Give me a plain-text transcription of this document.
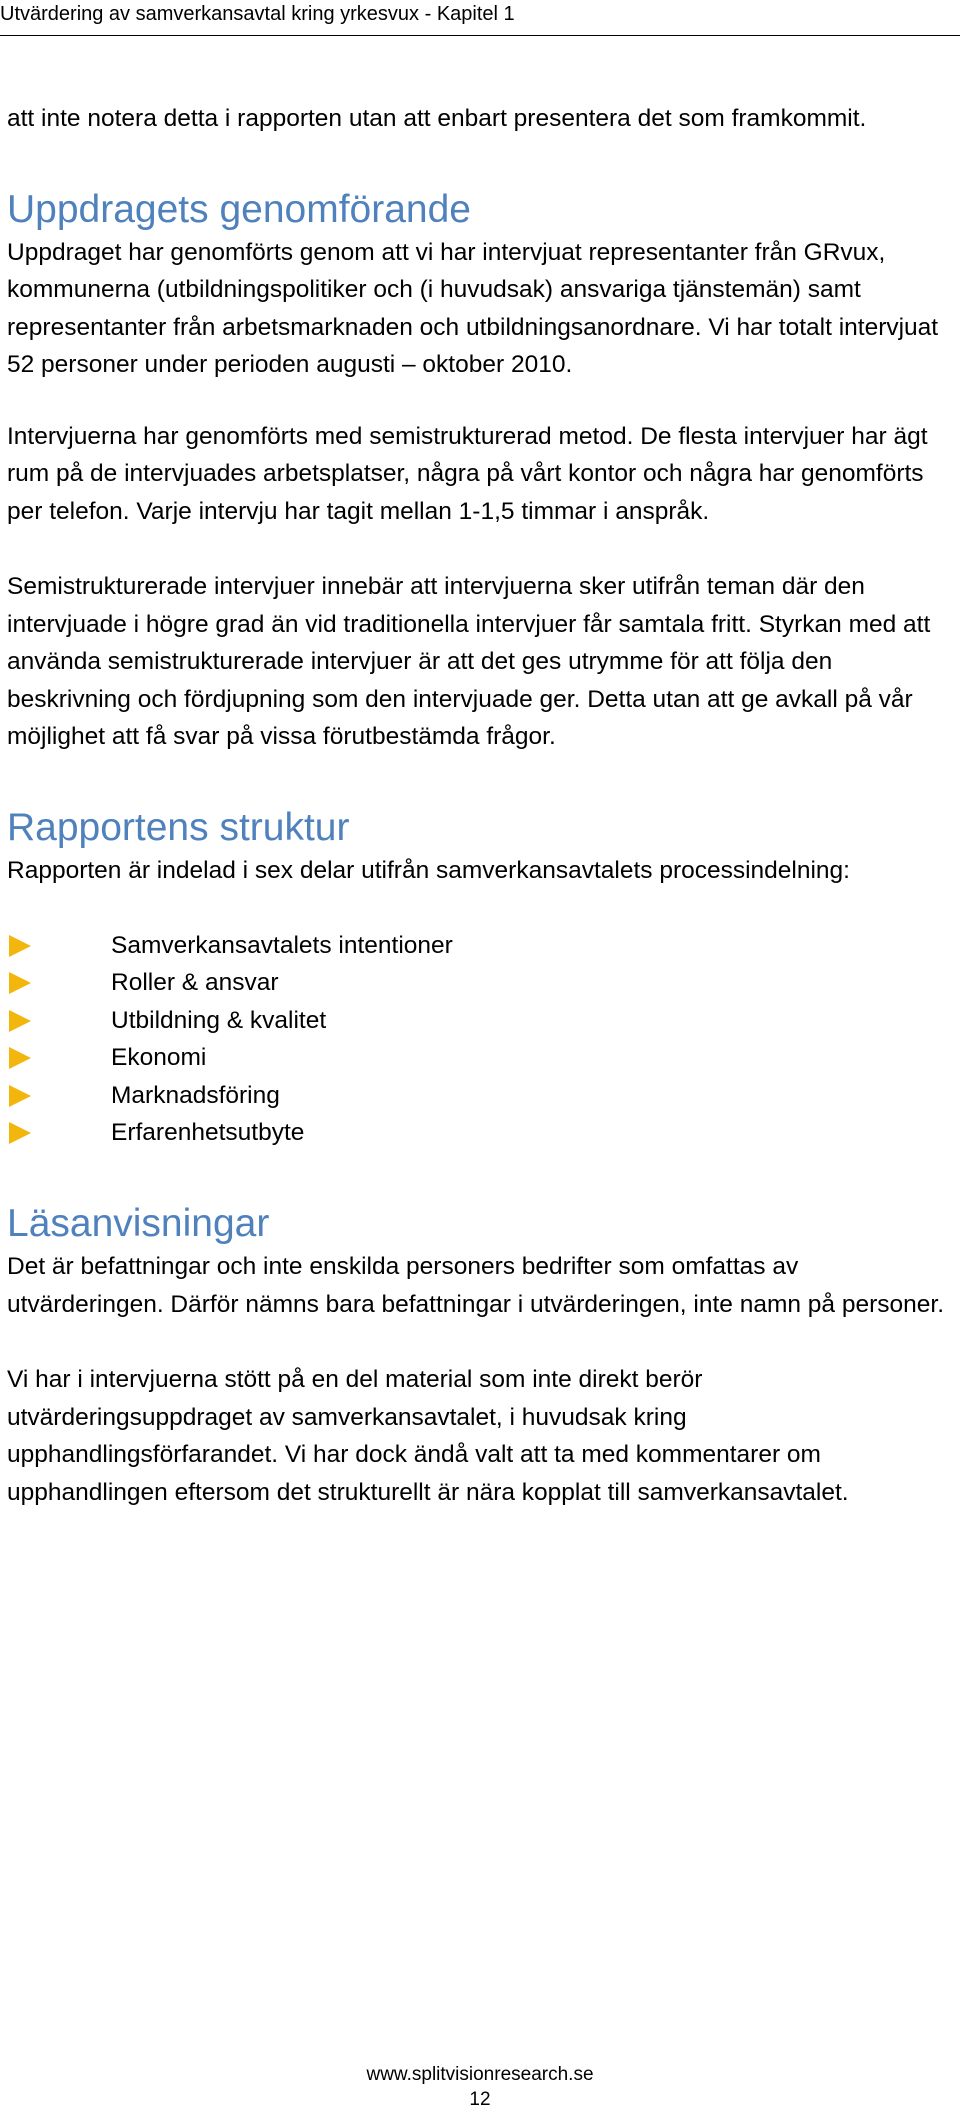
Utvärdering av samverkansavtal kring yrkesvux - Kapitel 1

att inte notera detta i rapporten utan att enbart presentera det som framkommit.

Uppdragets genomförande

Uppdraget har genomförts genom att vi har intervjuat representanter från GRvux, kommunerna (utbildningspolitiker och (i huvudsak) ansvariga tjänstemän) samt representanter från arbetsmarknaden och utbildningsanordnare. Vi har totalt intervjuat 52 personer under perioden augusti – oktober 2010.

Intervjuerna har genomförts med semistrukturerad metod. De flesta intervjuer har ägt rum på de intervjuades arbetsplatser, några på vårt kontor och några har genomförts per telefon. Varje intervju har tagit mellan 1-1,5 timmar i anspråk.

Semistrukturerade intervjuer innebär att intervjuerna sker utifrån teman där den intervjuade i högre grad än vid traditionella intervjuer får samtala fritt. Styrkan med att använda semistrukturerade intervjuer är att det ges utrymme för att följa den beskrivning och fördjupning som den intervjuade ger. Detta utan att ge avkall på vår möjlighet att få svar på vissa förutbestämda frågor.

Rapportens struktur

Rapporten är indelad i sex delar utifrån samverkansavtalets processindelning:

Samverkansavtalets intentioner
Roller & ansvar
Utbildning & kvalitet
Ekonomi
Marknadsföring
Erfarenhetsutbyte
Läsanvisningar

Det är befattningar och inte enskilda personers bedrifter som omfattas av utvärderingen. Därför nämns bara befattningar i utvärderingen, inte namn på personer.

Vi har i intervjuerna stött på en del material som inte direkt berör utvärderingsuppdraget av samverkansavtalet, i huvudsak kring upphandlingsförfarandet. Vi har dock ändå valt att ta med kommentarer om upphandlingen eftersom det strukturellt är nära kopplat till samverkansavtalet.

www.splitvisionresearch.se
12
